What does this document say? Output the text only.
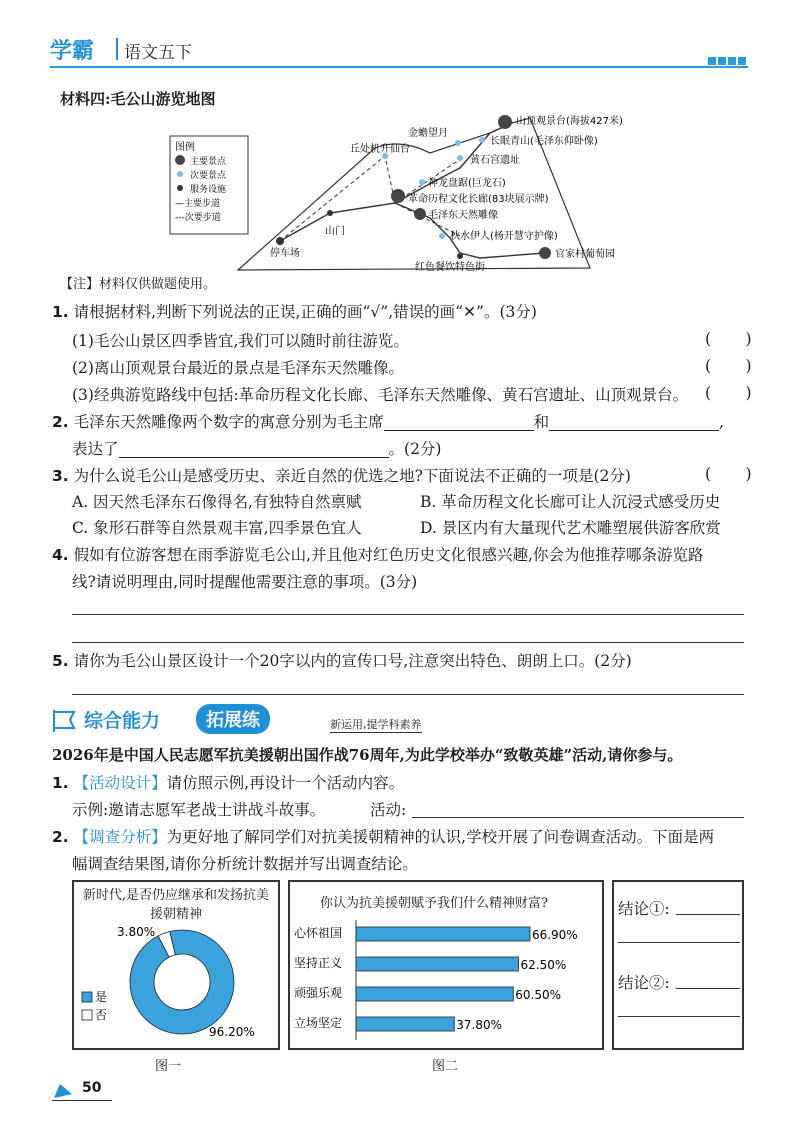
学霸 语文五下
材料四:毛公山游览地图
图例
主要景点
次要景点
服务设施
—主要步道
---次要步道
山顶观景台(海拔427米)
金蟾望月
长眠青山(毛泽东仰卧像)
丘处机升仙台
黄石宫遗址
神龙盘踞(巨龙石)
革命历程文化长廊(83块展示牌)
毛泽东天然雕像
秋水伊人(杨开慧守护像)
山门
停车场
红色餐饮特色街
官家村葡萄园
【注】材料仅供做题使用。
1. 请根据材料,判断下列说法的正误,正确的画“√”,错误的画“✕”。(3分)
(1)毛公山景区四季皆宜,我们可以随时前往游览。	(       )
(2)离山顶观景台最近的景点是毛泽东天然雕像。	(       )
(3)经典游览路线中包括:革命历程文化长廊、毛泽东天然雕像、黄石宫遗址、山顶观景台。 (       )
2. 毛泽东天然雕像两个数字的寓意分别为毛主席	和	,
表达了	。(2分)
3. 为什么说毛公山是感受历史、亲近自然的优选之地?下面说法不正确的一项是(2分)	(       )
A. 因天然毛泽东石像得名,有独特自然禀赋	B. 革命历程文化长廊可让人沉浸式感受历史
C. 象形石群等自然景观丰富,四季景色宜人	D. 景区内有大量现代艺术雕塑展供游客欣赏
4. 假如有位游客想在雨季游览毛公山,并且他对红色历史文化很感兴趣,你会为他推荐哪条游览路
线?请说明理由,同时提醒他需要注意的事项。(3分)
5. 请你为毛公山景区设计一个20字以内的宣传口号,注意突出特色、朗朗上口。(2分)
综合能力	拓展练	新运用,提学科素养
2026年是中国人民志愿军抗美援朝出国作战76周年,为此学校举办“致敬英雄”活动,请你参与。
1. 【活动设计】请仿照示例,再设计一个活动内容。
示例:邀请志愿军老战士讲战斗故事。	活动:
2. 【调查分析】为更好地了解同学们对抗美援朝精神的认识,学校开展了问卷调查活动。下面是两
幅调查结果图,请你分析统计数据并写出调查结论。
新时代,是否仍应继承和发扬抗美援朝精神
3.80%
96.20%
是
否
图一
你认为抗美援朝赋予我们什么精神财富?
心怀祖国	66.90%
坚持正义	62.50%
顽强乐观	60.50%
立场坚定	37.80%
图二
结论①:
结论②:
50
